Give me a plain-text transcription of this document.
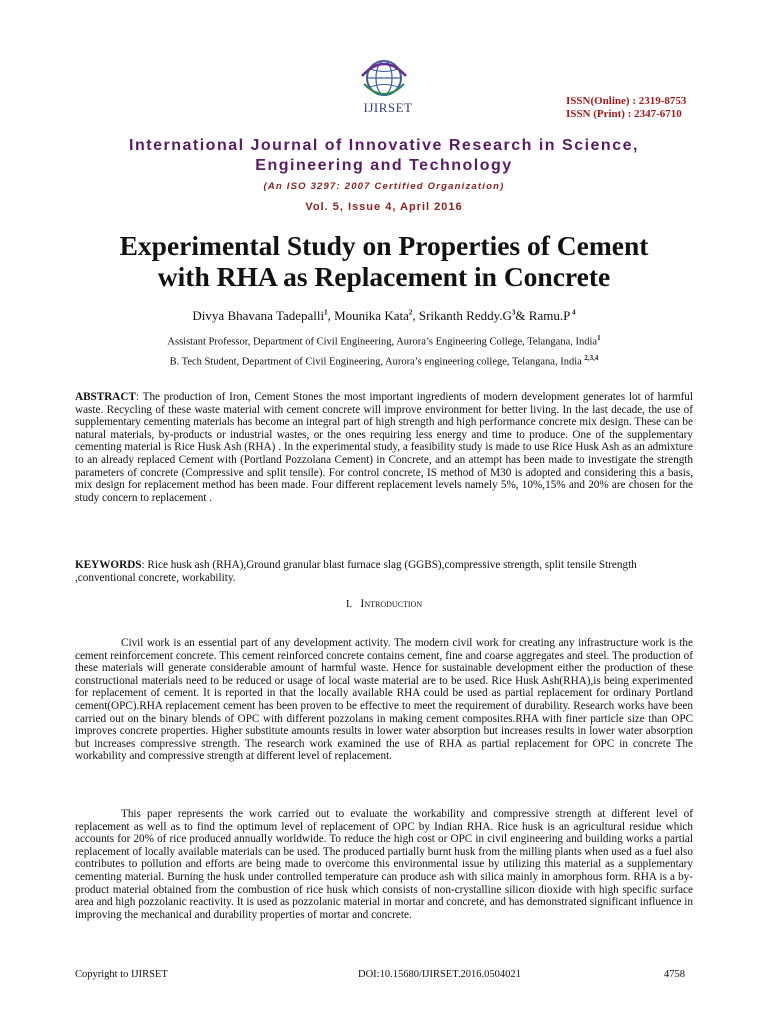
IJIRSET	ISSN(Online) : 2319-8753
ISSN (Print) : 2347-6710
International Journal of Innovative Research in Science,
Engineering and Technology
(An ISO 3297: 2007 Certified Organization)
Vol. 5, Issue 4, April 2016
Experimental Study on Properties of Cement
with RHA as Replacement in Concrete
Divya Bhavana Tadepalli$^1$, Mounika Kata$^2$, Srikanth $Reddy.G^3\&$ Ramu.P $^4$
Assistant Professor, Department of Civil Engineering, Aurora’s Engineering College, Telangana, India$^1$
B. Tech Student, Department of Civil Engineering, Aurora’s engineering college, Telangana, India $^{2,3,4}$
ABSTRACT: The production of Iron, Cement Stones the most important ingredients of modern development generates lot of harmful waste. Recycling of these waste material with cement concrete will improve environment for better living. In the last decade, the use of supplementary cementing materials has become an integral part of high strength and high performance concrete mix design. These can be natural materials, by-products or industrial wastes, or the ones requiring less energy and time to produce. One of the supplementary cementing material is Rice Husk Ash (RHA) . In the experimental study, a feasibility study is made to use Rice Husk Ash as an admixture to an already replaced Cement with (Portland Pozzolana Cement) in Concrete, and an attempt has been made to investigate the strength parameters of concrete (Compressive and split tensile). For control concrete, IS method of M30 is adopted and considering this a basis, mix design for replacement method has been made. Four different replacement levels namely 5%, 10%,15% and 20% are chosen for the study concern to replacement .
KEYWORDS: Rice husk ash (RHA),Ground granular blast furnace slag (GGBS),compressive strength, split tensile Strength ,conventional concrete, workability.
I. Introduction
Civil work is an essential part of any development activity. The modern civil work for creating any infrastructure work is the cement reinforcement concrete. This cement reinforced concrete contains cement, fine and coarse aggregates and steel. The production of these materials will generate considerable amount of harmful waste. Hence for sustainable development either the production of these constructional materials need to be reduced or usage of local waste material are to be used. Rice Husk Ash(RHA),is being experimented for replacement of cement. It is reported in that the locally available RHA could be used as partial replacement for ordinary Portland cement(OPC).RHA replacement cement has been proven to be effective to meet the requirement of durability. Research works have been carried out on the binary blends of OPC with different pozzolans in making cement composites.RHA with finer particle size than OPC improves concrete properties. Higher substitute amounts results in lower water absorption but increases results in lower water absorption but increases compressive strength. The research work examined the use of RHA as partial replacement for OPC in concrete The workability and compressive strength at different level of replacement.
This paper represents the work carried out to evaluate the workability and compressive strength at different level of replacement as well as to find the optimum level of replacement of OPC by Indian RHA. Rice husk is an agricultural residue which accounts for 20% of rice produced annually worldwide. To reduce the high cost or OPC in civil engineering and building works a partial replacement of locally available materials can be used. The produced partially burnt husk from the milling plants when used as a fuel also contributes to pollution and efforts are being made to overcome this environmental issue by utilizing this material as a supplementary cementing material. Burning the husk under controlled temperature can produce ash with silica mainly in amorphous form. RHA is a by-product material obtained from the combustion of rice husk which consists of non-crystalline silicon dioxide with high specific surface area and high pozzolanic reactivity. It is used as pozzolanic material in mortar and concrete, and has demonstrated significant influence in improving the mechanical and durability properties of mortar and concrete.
Copyright to IJIRSET	DOI:10.15680/IJIRSET.2016.0504021	4758
